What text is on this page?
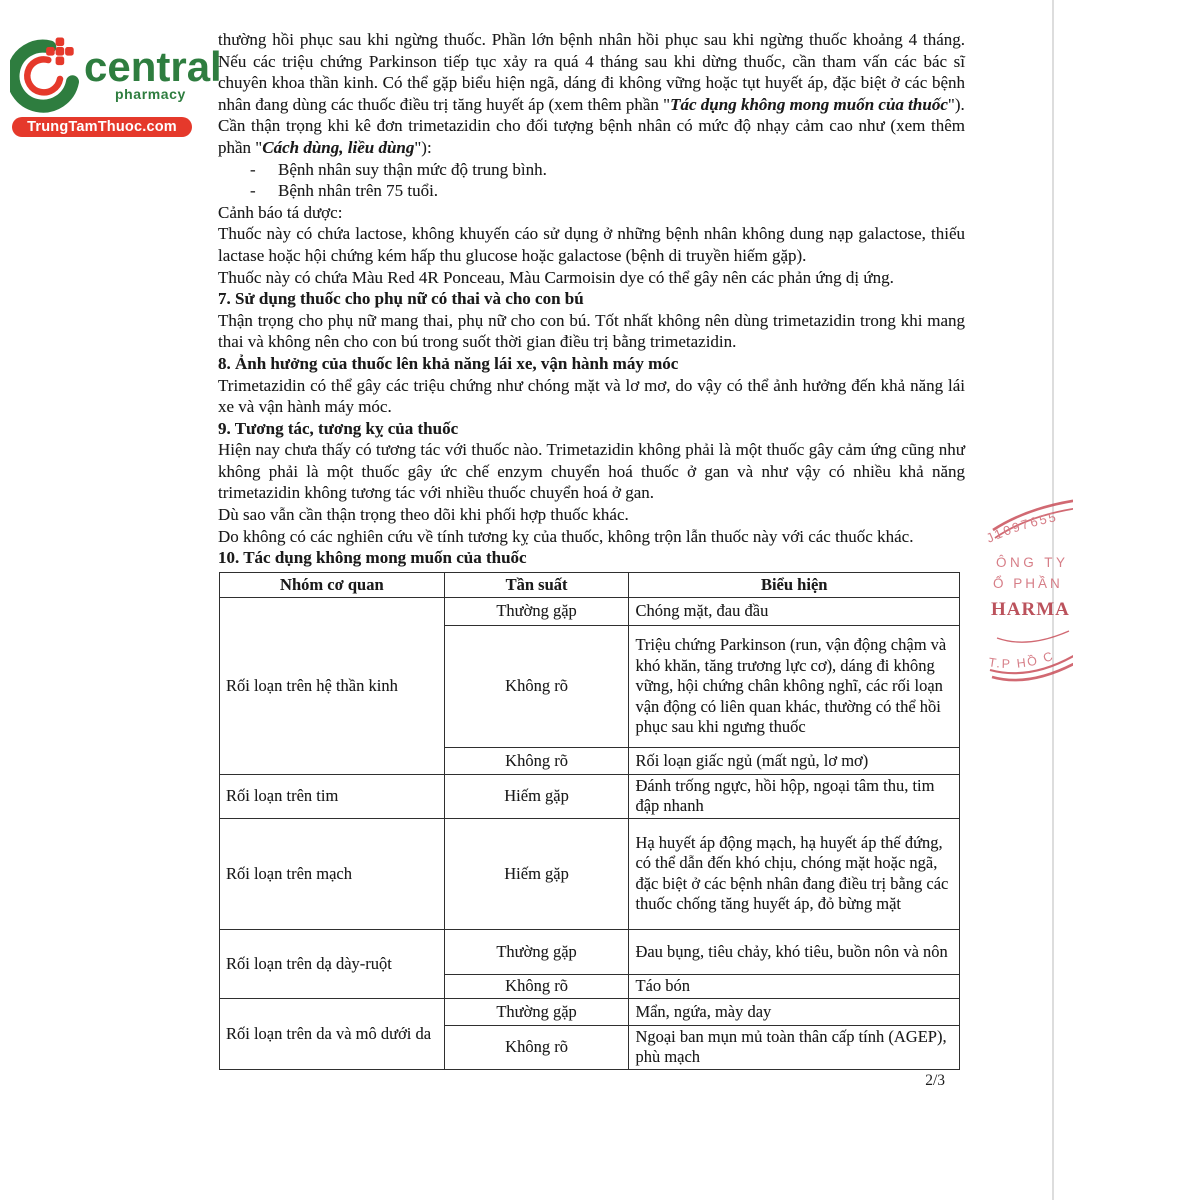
central
pharmacy
TrungTamThuoc.com
J1097655
ÔNG TY
Ổ PHẦN
HARMA U
T.P HỒ C

thường hồi phục sau khi ngừng thuốc. Phần lớn bệnh nhân hồi phục sau khi ngừng thuốc khoảng 4 tháng. Nếu các triệu chứng Parkinson tiếp tục xảy ra quá 4 tháng sau khi dừng thuốc, cần tham vấn các bác sĩ chuyên khoa thần kinh. Có thể gặp biểu hiện ngã, dáng đi không vững hoặc tụt huyết áp, đặc biệt ở các bệnh nhân đang dùng các thuốc điều trị tăng huyết áp (xem thêm phần "Tác dụng không mong muốn của thuốc").

Cần thận trọng khi kê đơn trimetazidin cho đối tượng bệnh nhân có mức độ nhạy cảm cao như (xem thêm phần "Cách dùng, liều dùng"):

-	Bệnh nhân suy thận mức độ trung bình.
-	Bệnh nhân trên 75 tuổi.

Cảnh báo tá dược:

Thuốc này có chứa lactose, không khuyến cáo sử dụng ở những bệnh nhân không dung nạp galactose, thiếu lactase hoặc hội chứng kém hấp thu glucose hoặc galactose (bệnh di truyền hiếm gặp).

Thuốc này có chứa Màu Red 4R Ponceau, Màu Carmoisin dye có thể gây nên các phản ứng dị ứng.

7. Sử dụng thuốc cho phụ nữ có thai và cho con bú

Thận trọng cho phụ nữ mang thai, phụ nữ cho con bú. Tốt nhất không nên dùng trimetazidin trong khi mang thai và không nên cho con bú trong suốt thời gian điều trị bằng trimetazidin.

8. Ảnh hưởng của thuốc lên khả năng lái xe, vận hành máy móc

Trimetazidin có thể gây các triệu chứng như chóng mặt và lơ mơ, do vậy có thể ảnh hưởng đến khả năng lái xe và vận hành máy móc.

9. Tương tác, tương kỵ của thuốc

Hiện nay chưa thấy có tương tác với thuốc nào. Trimetazidin không phải là một thuốc gây cảm ứng cũng như không phải là một thuốc gây ức chế enzym chuyển hoá thuốc ở gan và như vậy có nhiều khả năng trimetazidin không tương tác với nhiều thuốc chuyển hoá ở gan.

Dù sao vẫn cần thận trọng theo dõi khi phối hợp thuốc khác.

Do không có các nghiên cứu về tính tương kỵ của thuốc, không trộn lẫn thuốc này với các thuốc khác.

10. Tác dụng không mong muốn của thuốc

Nhóm cơ quan	Tần suất	Biểu hiện
Rối loạn trên hệ thần kinh	Thường gặp	Chóng mặt, đau đầu
	Không rõ	Triệu chứng Parkinson (run, vận động chậm và khó khăn, tăng trương lực cơ), dáng đi không vững, hội chứng chân không nghĩ, các rối loạn vận động có liên quan khác, thường có thể hồi phục sau khi ngưng thuốc
	Không rõ	Rối loạn giấc ngủ (mất ngủ, lơ mơ)
Rối loạn trên tim	Hiếm gặp	Đánh trống ngực, hồi hộp, ngoại tâm thu, tim đập nhanh
Rối loạn trên mạch	Hiếm gặp	Hạ huyết áp động mạch, hạ huyết áp thế đứng, có thể dẫn đến khó chịu, chóng mặt hoặc ngã, đặc biệt ở các bệnh nhân đang điều trị bằng các thuốc chống tăng huyết áp, đỏ bừng mặt
Rối loạn trên dạ dày-ruột	Thường gặp	Đau bụng, tiêu chảy, khó tiêu, buồn nôn và nôn
	Không rõ	Táo bón
Rối loạn trên da và mô dưới da	Thường gặp	Mẩn, ngứa, mày day
	Không rõ	Ngoại ban mụn mủ toàn thân cấp tính (AGEP), phù mạch

2/3
